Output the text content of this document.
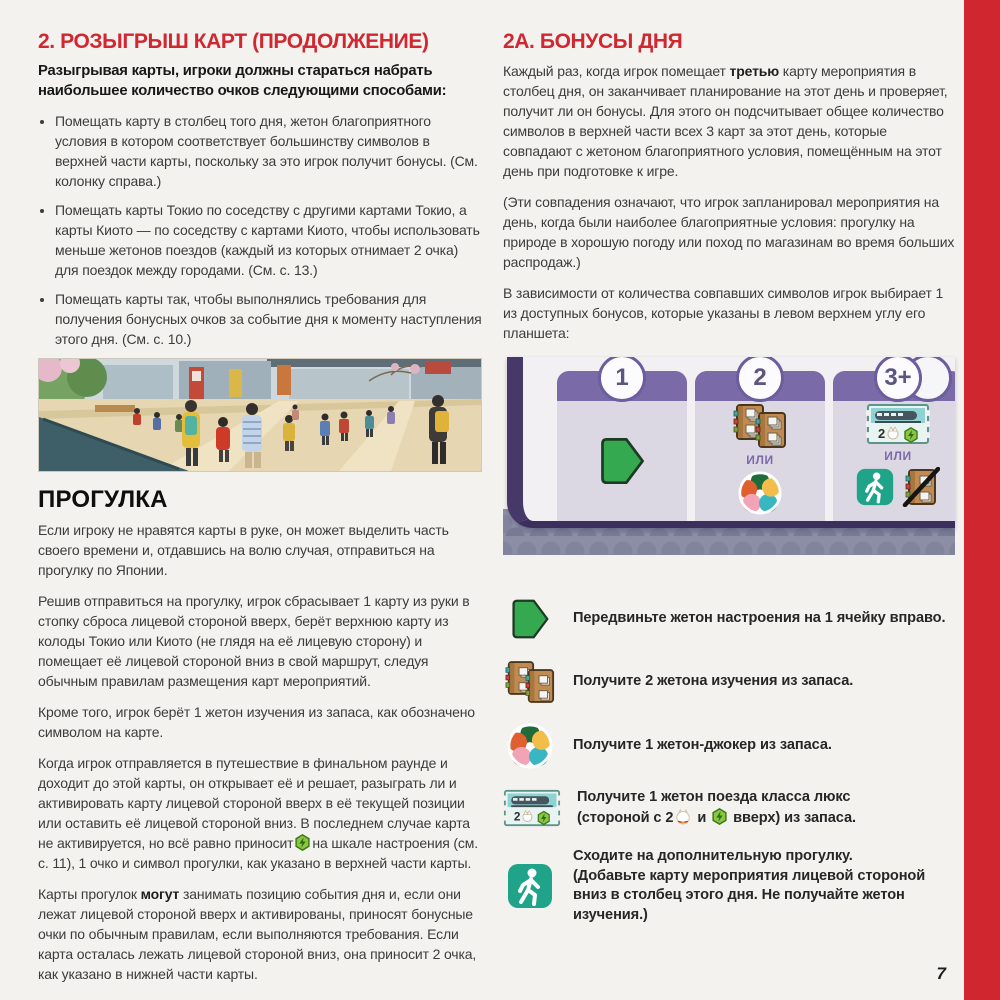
2. РОЗЫГРЫШ КАРТ (ПРОДОЛЖЕНИЕ)

Разыгрывая карты, игроки должны стараться набрать наибольшее количество очков следующими способами:

• Помещать карту в столбец того дня, жетон благоприятного условия в котором соответствует большинству символов в верхней части карты, поскольку за это игрок получит бонусы. (См. колонку справа.)
• Помещать карты Токио по соседству с другими картами Токио, а карты Киото — по соседству с картами Киото, чтобы использовать меньше жетонов поездов (каждый из которых отнимает 2 очка) для поездок между городами. (См. с. 13.)
• Помещать карты так, чтобы выполнялись требования для получения бонусных очков за событие дня к моменту наступления этого дня. (См. с. 10.)
ПРОГУЛКА

Если игроку не нравятся карты в руке, он может выделить часть своего времени и, отдавшись на волю случая, отправиться на прогулку по Японии.

Решив отправиться на прогулку, игрок сбрасывает 1 карту из руки в стопку сброса лицевой стороной вверх, берёт верхнюю карту из колоды Токио или Киото (не глядя на её лицевую сторону) и помещает её лицевой стороной вниз в свой маршрут, следуя обычным правилам размещения карт мероприятий.

Кроме того, игрок берёт 1 жетон изучения из запаса, как обозначено символом на карте.

Когда игрок отправляется в путешествие в финальном раунде и доходит до этой карты, он открывает её и решает, разыграть ли и активировать карту лицевой стороной вверх в её текущей позиции или оставить её лицевой стороной вниз. В последнем случае карта не активируется, но всё равно приносит на шкале настроения (см. с. 11), 1 очко и символ прогулки, как указано в верхней части карты.

Карты прогулок могут занимать позицию события дня и, если они лежат лицевой стороной вверх и активированы, приносят бонусные очки по обычным правилам, если выполняются требования. Если карта осталась лежать лицевой стороной вниз, она приносит 2 очка, как указано в нижней части карты.

2А. БОНУСЫ ДНЯ

Каждый раз, когда игрок помещает третью карту мероприятия в столбец дня, он заканчивает планирование на этот день и проверяет, получит ли он бонусы. Для этого он подсчитывает общее количество символов в верхней части всех 3 карт за этот день, которые совпадают с жетоном благоприятного условия, помещённым на этот день при подготовке к игре.

(Эти совпадения означают, что игрок запланировал мероприятия на день, когда были наиболее благоприятные условия: прогулку на природе в хорошую погоду или поход по магазинам во время больших распродаж.)

В зависимости от количества совпавших символов игрок выбирает 1 из доступных бонусов, которые указаны в левом верхнем углу его планшета:

1	2
ИЛИ
3+
2
ИЛИ
Передвиньте жетон настроения на 1 ячейку вправо.
Получите 2 жетона изучения из запаса.
Получите 1 жетон-джокер из запаса.
2
Получите 1 жетон поезда класса люкс
(стороной с 2 и  вверх) из запаса.
Сходите на дополнительную прогулку.
(Добавьте карту мероприятия лицевой стороной вниз в столбец этого дня. Не получайте жетон изучения.)
7
